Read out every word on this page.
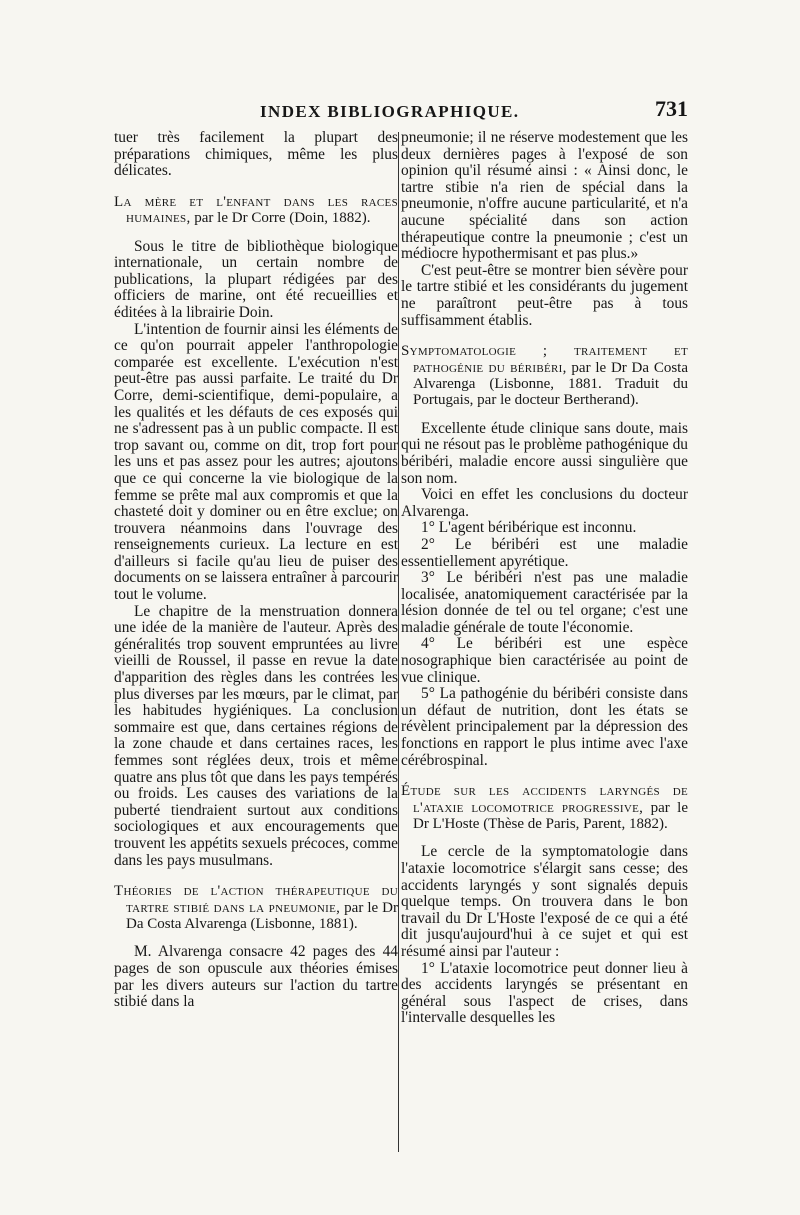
INDEX BIBLIOGRAPHIQUE.	731

tuer très facilement la plupart des préparations chimiques, même les plus délicates.

La mère et l'enfant dans les races humaines, par le Dr Corre (Doin, 1882).

Sous le titre de bibliothèque biologique internationale, un certain nombre de publications, la plupart rédigées par des officiers de marine, ont été recueillies et éditées à la librairie Doin.

L'intention de fournir ainsi les éléments de ce qu'on pourrait appeler l'anthropologie comparée est excellente. L'exécution n'est peut-être pas aussi parfaite. Le traité du Dr Corre, demi-scientifique, demi-populaire, a les qualités et les défauts de ces exposés qui ne s'adressent pas à un public compacte. Il est trop savant ou, comme on dit, trop fort pour les uns et pas assez pour les autres; ajoutons que ce qui concerne la vie biologique de la femme se prête mal aux compromis et que la chasteté doit y dominer ou en être exclue; on trouvera néanmoins dans l'ouvrage des renseignements curieux. La lecture en est d'ailleurs si facile qu'au lieu de puiser des documents on se laissera entraîner à parcourir tout le volume.

Le chapitre de la menstruation donnera une idée de la manière de l'auteur. Après des généralités trop souvent empruntées au livre vieilli de Roussel, il passe en revue la date d'apparition des règles dans les contrées les plus diverses par les mœurs, par le climat, par les habitudes hygiéniques. La conclusion sommaire est que, dans certaines régions de la zone chaude et dans certaines races, les femmes sont réglées deux, trois et même quatre ans plus tôt que dans les pays tempérés ou froids. Les causes des variations de la puberté tiendraient surtout aux conditions sociologiques et aux encouragements que trouvent les appétits sexuels précoces, comme dans les pays musulmans.

Théories de l'action thérapeutique du tartre stibié dans la pneumonie, par le Dr Da Costa Alvarenga (Lisbonne, 1881).

M. Alvarenga consacre 42 pages des 44 pages de son opuscule aux théories émises par les divers auteurs sur l'action du tartre stibié dans la

pneumonie; il ne réserve modestement que les deux dernières pages à l'exposé de son opinion qu'il résumé ainsi : « Ainsi donc, le tartre stibie n'a rien de spécial dans la pneumonie, n'offre aucune particularité, et n'a aucune spécialité dans son action thérapeutique contre la pneumonie ; c'est un médiocre hypothermisant et pas plus.»

C'est peut-être se montrer bien sévère pour le tartre stibié et les considérants du jugement ne paraîtront peut-être pas à tous suffisamment établis.

Symptomatologie ; traitement et pathogénie du béribéri, par le Dr Da Costa Alvarenga (Lisbonne, 1881. Traduit du Portugais, par le docteur Bertherand).

Excellente étude clinique sans doute, mais qui ne résout pas le problème pathogénique du béribéri, maladie encore aussi singulière que son nom.

Voici en effet les conclusions du docteur Alvarenga.

1° L'agent béribérique est inconnu.

2° Le béribéri est une maladie essentiellement apyrétique.

3° Le béribéri n'est pas une maladie localisée, anatomiquement caractérisée par la lésion donnée de tel ou tel organe; c'est une maladie générale de toute l'économie.

4° Le béribéri est une espèce nosographique bien caractérisée au point de vue clinique.

5° La pathogénie du béribéri consiste dans un défaut de nutrition, dont les états se révèlent principalement par la dépression des fonctions en rapport le plus intime avec l'axe cérébrospinal.

Étude sur les accidents laryngés de l'ataxie locomotrice progressive, par le Dr L'Hoste (Thèse de Paris, Parent, 1882).

Le cercle de la symptomatologie dans l'ataxie locomotrice s'élargit sans cesse; des accidents laryngés y sont signalés depuis quelque temps. On trouvera dans le bon travail du Dr L'Hoste l'exposé de ce qui a été dit jusqu'aujourd'hui à ce sujet et qui est résumé ainsi par l'auteur :

1° L'ataxie locomotrice peut donner lieu à des accidents laryngés se présentant en général sous l'aspect de crises, dans l'intervalle desquelles les
